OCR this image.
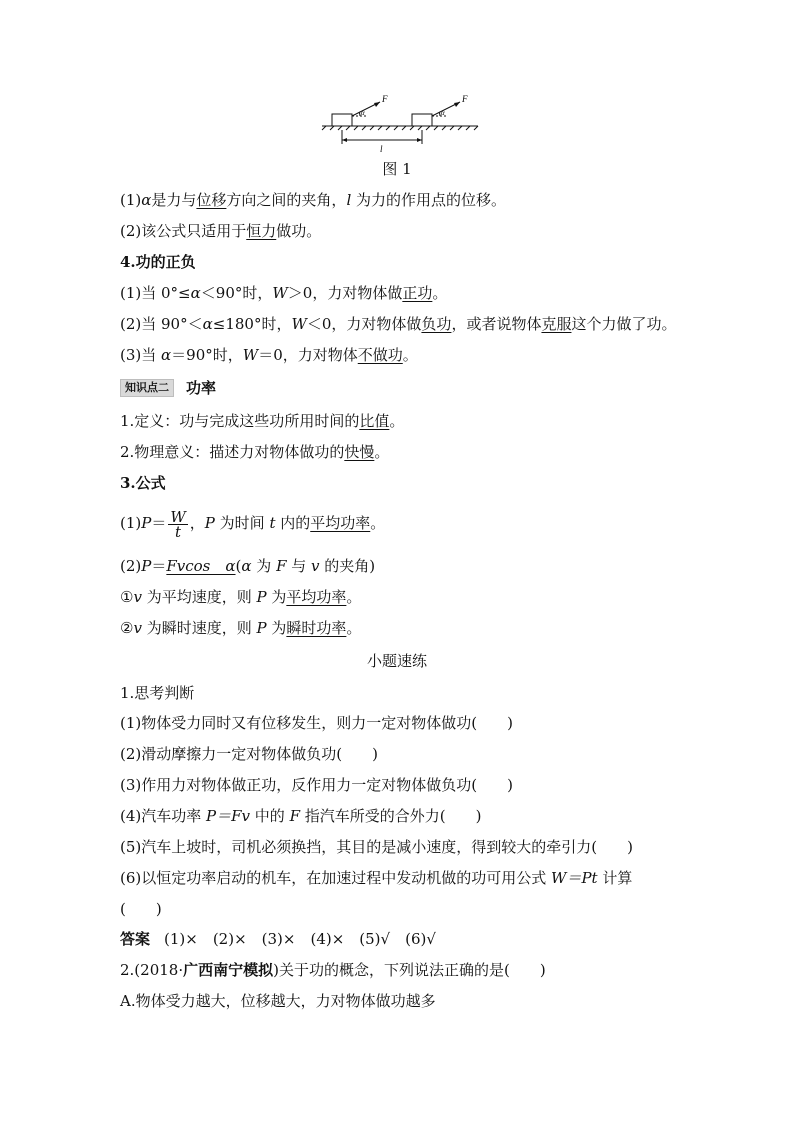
F	F
α	α
l
图 1
(1)α是力与位移方向之间的夹角，l 为力的作用点的位移。
(2)该公式只适用于恒力做功。
4.功的正负
(1)当 0°≤α＜90°时，W＞0，力对物体做正功。
(2)当 90°＜α≤180°时，W＜0，力对物体做负功，或者说物体克服这个力做了功。
(3)当 α＝90°时，W＝0，力对物体不做功。
知识点二 功率
1.定义：功与完成这些功所用时间的比值。
2.物理意义：描述力对物体做功的快慢。
3.公式
$(1)P= \frac{W}{t}$ ，P 为时间 t 内的平均功率。
(2)P＝Fvcos　α(α 为 F 与 v 的夹角)
①v 为平均速度，则 P 为平均功率。
②v 为瞬时速度，则 P 为瞬时功率。
小题速练
1.思考判断
(1)物体受力同时又有位移发生，则力一定对物体做功(　　)
(2)滑动摩擦力一定对物体做负功(　　)
(3)作用力对物体做正功，反作用力一定对物体做负功(　　)
(4)汽车功率 P＝Fv 中的 F 指汽车所受的合外力(　　)
(5)汽车上坡时，司机必须换挡，其目的是减小速度，得到较大的牵引力(　　)
(6)以恒定功率启动的机车，在加速过程中发动机做的功可用公式 W＝Pt 计算
(　　)
答案 (1)×　(2)×　(3)×　(4)×　(5)√　(6)√
2.(2018·广西南宁模拟)关于功的概念，下列说法正确的是(　　)
A.物体受力越大，位移越大，力对物体做功越多
